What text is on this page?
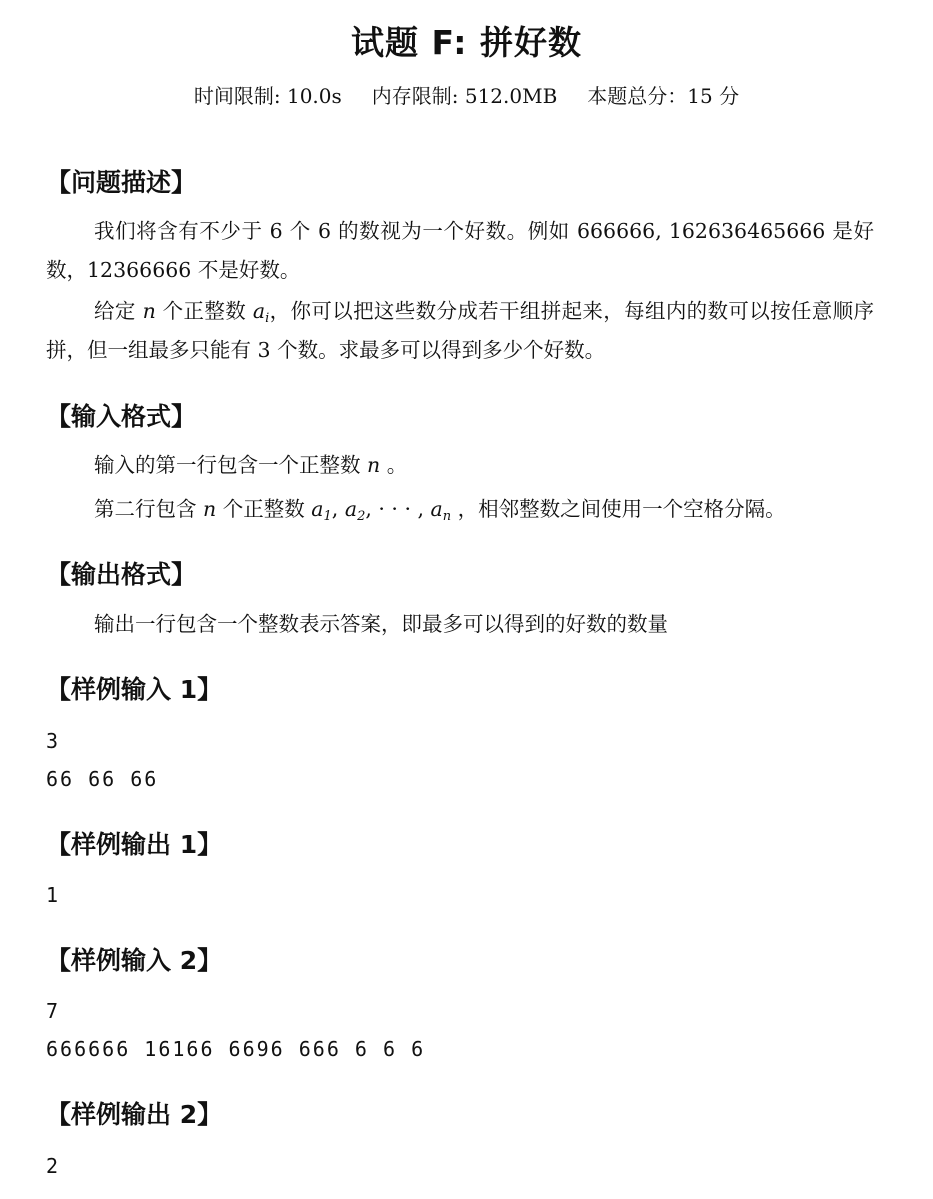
试题 F: 拼好数
时间限制: 10.0s 内存限制: 512.0MB 本题总分：15 分
【问题描述】
我们将含有不少于 6 个 6 的数视为一个好数。例如 666666, 162636465666 是好数，12366666 不是好数。
给定 n 个正整数 $a_i$，你可以把这些数分成若干组拼起来，每组内的数可以按任意顺序拼，但一组最多只能有 3 个数。求最多可以得到多少个好数。
【输入格式】
输入的第一行包含一个正整数 n 。
第二行包含 n 个正整数 $a_1$, $a_2$, · · · , $a_n$ ，相邻整数之间使用一个空格分隔。
【输出格式】
输出一行包含一个整数表示答案，即最多可以得到的好数的数量
【样例输入 1】
3
66 66 66
【样例输出 1】
1
【样例输入 2】
7
666666 16166 6696 666 6 6 6
【样例输出 2】
2
